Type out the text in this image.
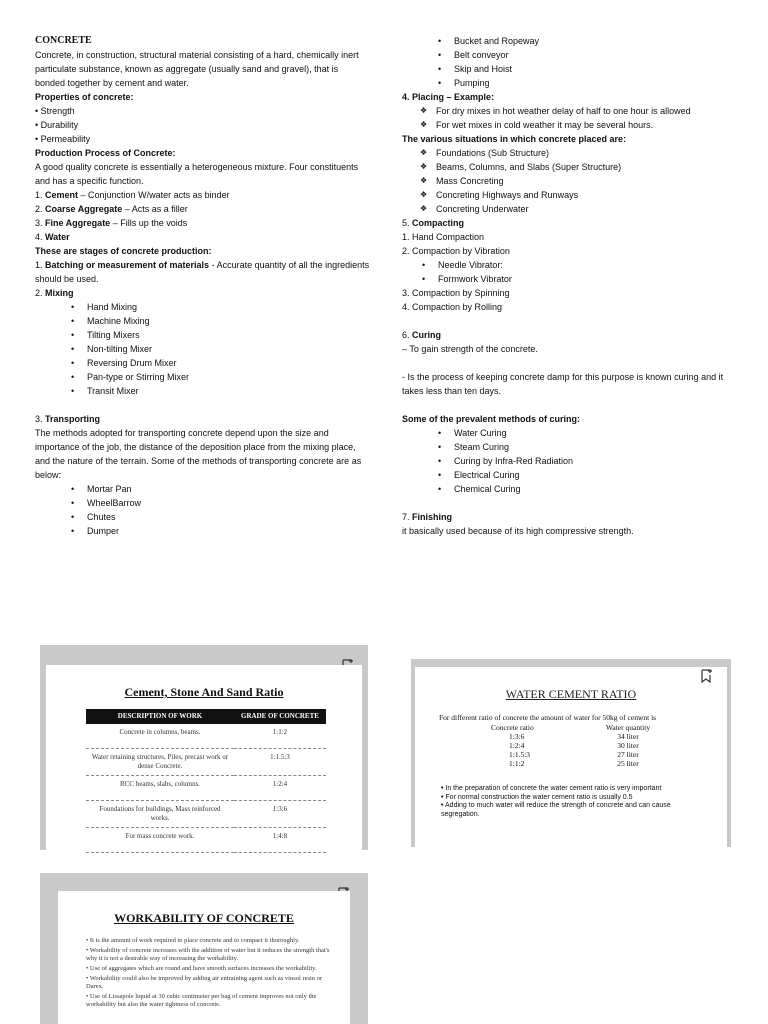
CONCRETE

Concrete, in construction, structural material consisting of a hard, chemically inert particulate substance, known as aggregate (usually sand and gravel), that is bonded together by cement and water.

Properties of concrete:

• Strength

• Durability

• Permeability

Production Process of Concrete:

A good quality concrete is essentially a heterogeneous mixture. Four constituents and has a specific function.

1. Cement – Conjunction W/water acts as binder

2. Coarse Aggregate – Acts as a filler

3. Fine Aggregate – Fills up the voids

4. Water

These are stages of concrete production:

1. Batching or measurement of materials - Accurate quantity of all the ingredients

should be used.

2. Mixing

• Hand Mixing
• Machine Mixing
• Tilting Mixers
• Non-tilting Mixer
• Reversing Drum Mixer
• Pan-type or Stirring Mixer
• Transit Mixer

3. Transporting

The methods adopted for transporting concrete depend upon the size and importance of the job, the distance of the deposition place from the mixing place, and the nature of the terrain. Some of the methods of transporting concrete are as below:

• Mortar Pan
• WheelBarrow
• Chutes
• Dumper
• Bucket and Ropeway
• Belt conveyor
• Skip and Hoist
• Pumping

4. Placing – Example:

❖ For dry mixes in hot weather delay of half to one hour is allowed
❖ For wet mixes in cold weather it may be several hours.

The various situations in which concrete placed are:

❖ Foundations (Sub Structure)
❖ Beams, Columns, and Slabs (Super Structure)
❖ Mass Concreting
❖ Concreting Highways and Runways
❖ Concreting Underwater

5. Compacting

1. Hand Compaction

2. Compaction by Vibration

• Needle Vibrator:
• Formwork Vibrator

3. Compaction by Spinning

4. Compaction by Rolling

6. Curing

– To gain strength of the concrete.

- Is the process of keeping concrete damp for this purpose is known curing and it takes less than ten days.

Some of the prevalent methods of curing:

• Water Curing
• Steam Curing
• Curing by Infra-Red Radiation
• Electrical Curing
• Chemical Curing

7. Finishing

it basically used because of its high compressive strength.

Cement, Stone And Sand Ratio
DESCRIPTION OF WORK	GRADE OF CONCRETE
Concrete in columns, beams.	1:1:2
Water retaining structures, Piles, precast work or dense Concrete.	1:1.5:3
RCC beams, slabs, columns.	1:2:4
Foundations for buildings, Mass reinforced works.	1:3:6
For mass concrete work.	1:4:8
WATER CEMENT RATIO
For different ratio of concrete the amount of water for 50kg of cement is
Concrete ratio	Water quantity
1:3:6	34 liter
1:2:4	30 liter
1:1.5:3	27 liter
1:1:2	25 liter
• • In the preparation of concrete the water cement ratio is very important
• • For normal construction the water cement ratio is usually 0.5
• • Adding to much water will reduce the strength of concrete and can cause segregation.
WORKABILITY OF CONCRETE
• It is the amount of work required to place concrete and to compact it thoroughly.
• Workability of concrete increases with the addition of water but it reduces the strength that's why it is not a desirable way of increasing the workability.
• Use of aggregates which are round and have smooth surfaces increases the workability.
• Workability could also be improved by adding air entraining agent such as vinsol resin or Darex.
• Use of Lissapole liquid at 30 cubic centimeter per bag of cement improves not only the workability but also the water tightness of concrete.
